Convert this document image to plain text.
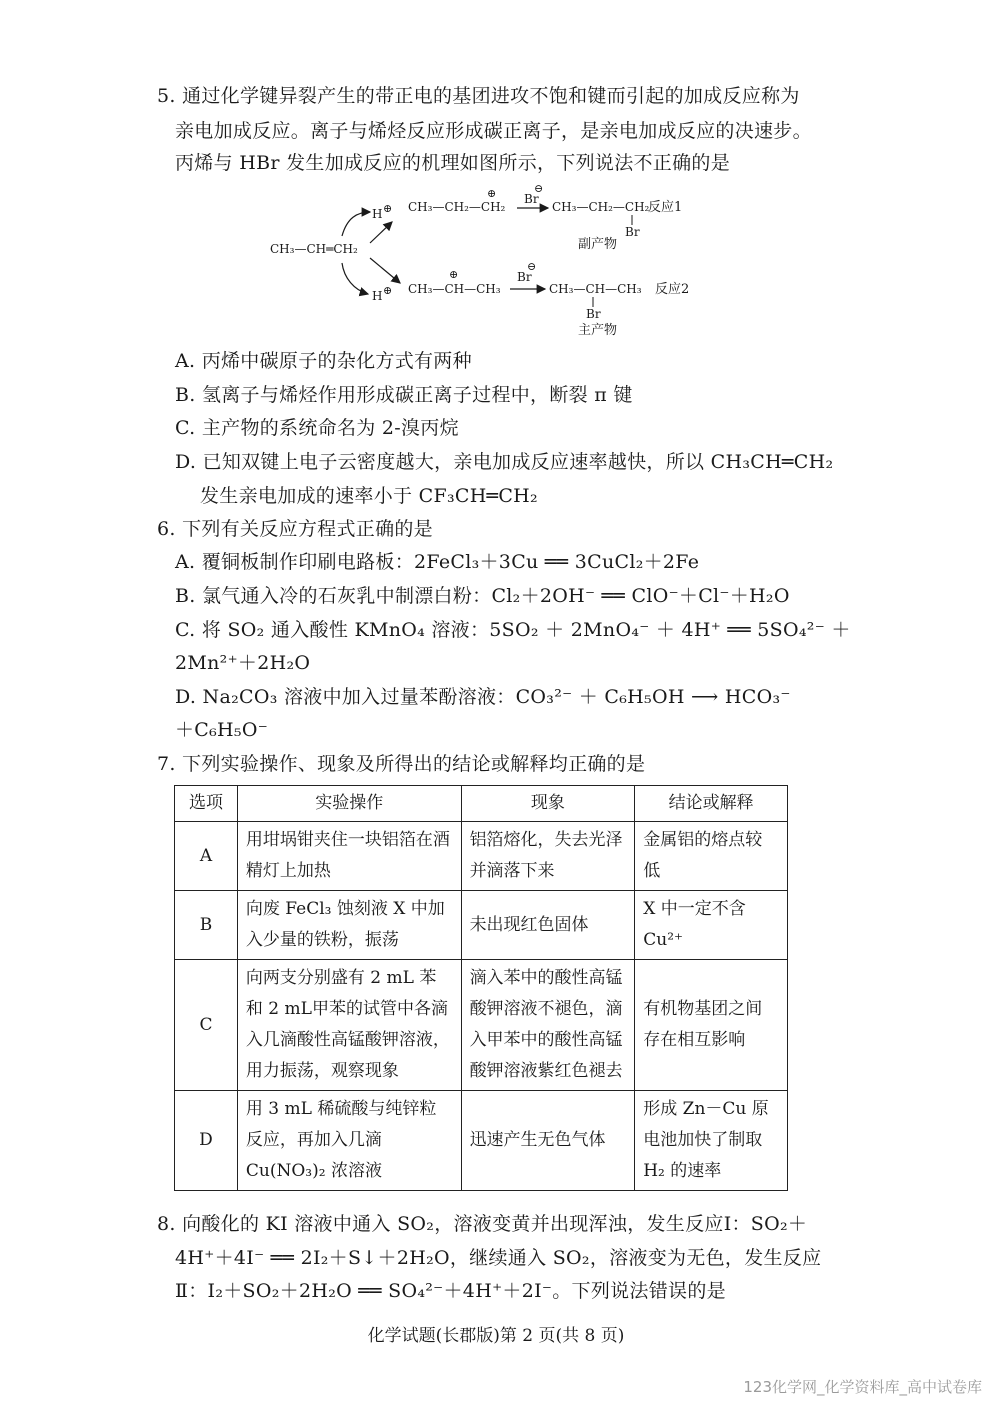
5. 通过化学键异裂产生的带正电的基团进攻不饱和键而引起的加成反应称为
亲电加成反应。离子与烯烃反应形成碳正离子，是亲电加成反应的决速步。
丙烯与 HBr 发生加成反应的机理如图所示，下列说法不正确的是
CH₃—CH═CH₂
H ⊕
H ⊕
CH₃—CH₂—CH₂
⊕ Br
⊖
CH₃—CH₂—CH₂
Br
反应1
副产物
CH₃—CH—CH₃
⊕	Br
⊖
CH₃—CH—CH₃
Br
反应2
主产物
A. 丙烯中碳原子的杂化方式有两种
B. 氢离子与烯烃作用形成碳正离子过程中，断裂 π 键
C. 主产物的系统命名为 2-溴丙烷
D. 已知双键上电子云密度越大，亲电加成反应速率越快，所以 CH₃CH═CH₂
发生亲电加成的速率小于 CF₃CH═CH₂
6. 下列有关反应方程式正确的是
A. 覆铜板制作印刷电路板：2FeCl₃＋3Cu ══ 3CuCl₂＋2Fe
B. 氯气通入冷的石灰乳中制漂白粉：Cl₂＋2OH⁻ ══ ClO⁻＋Cl⁻＋H₂O
C. 将 SO₂ 通入酸性 KMnO₄ 溶液：5SO₂ ＋ 2MnO₄⁻ ＋ 4H⁺ ══ 5SO₄²⁻ ＋
2Mn²⁺＋2H₂O
D. Na₂CO₃ 溶液中加入过量苯酚溶液：CO₃²⁻ ＋ C₆H₅OH ⟶ HCO₃⁻
＋C₆H₅O⁻
7. 下列实验操作、现象及所得出的结论或解释均正确的是
选项	实验操作	现象	结论或解释
A	用坩埚钳夹住一块铝箔在酒精灯上加热	铝箔熔化，失去光泽并滴落下来	金属铝的熔点较低
B	向废 FeCl₃ 蚀刻液 X 中加入少量的铁粉，振荡	未出现红色固体	X 中一定不含 Cu²⁺
C	向两支分别盛有 2 mL 苯和 2 mL甲苯的试管中各滴入几滴酸性高锰酸钾溶液，用力振荡，观察现象	滴入苯中的酸性高锰酸钾溶液不褪色，滴入甲苯中的酸性高锰酸钾溶液紫红色褪去	有机物基团之间存在相互影响
D	用 3 mL 稀硫酸与纯锌粒反应，再加入几滴 Cu(NO₃)₂ 浓溶液	迅速产生无色气体	形成 Zn－Cu 原电池加快了制取 H₂ 的速率
8. 向酸化的 KI 溶液中通入 SO₂，溶液变黄并出现浑浊，发生反应Ⅰ：SO₂＋
4H⁺＋4I⁻ ══ 2I₂＋S↓＋2H₂O，继续通入 SO₂，溶液变为无色，发生反应
Ⅱ：I₂＋SO₂＋2H₂O ══ SO₄²⁻＋4H⁺＋2I⁻。下列说法错误的是
化学试题(长郡版)第 2 页(共 8 页)
123化学网_化学资料库_高中试卷库
